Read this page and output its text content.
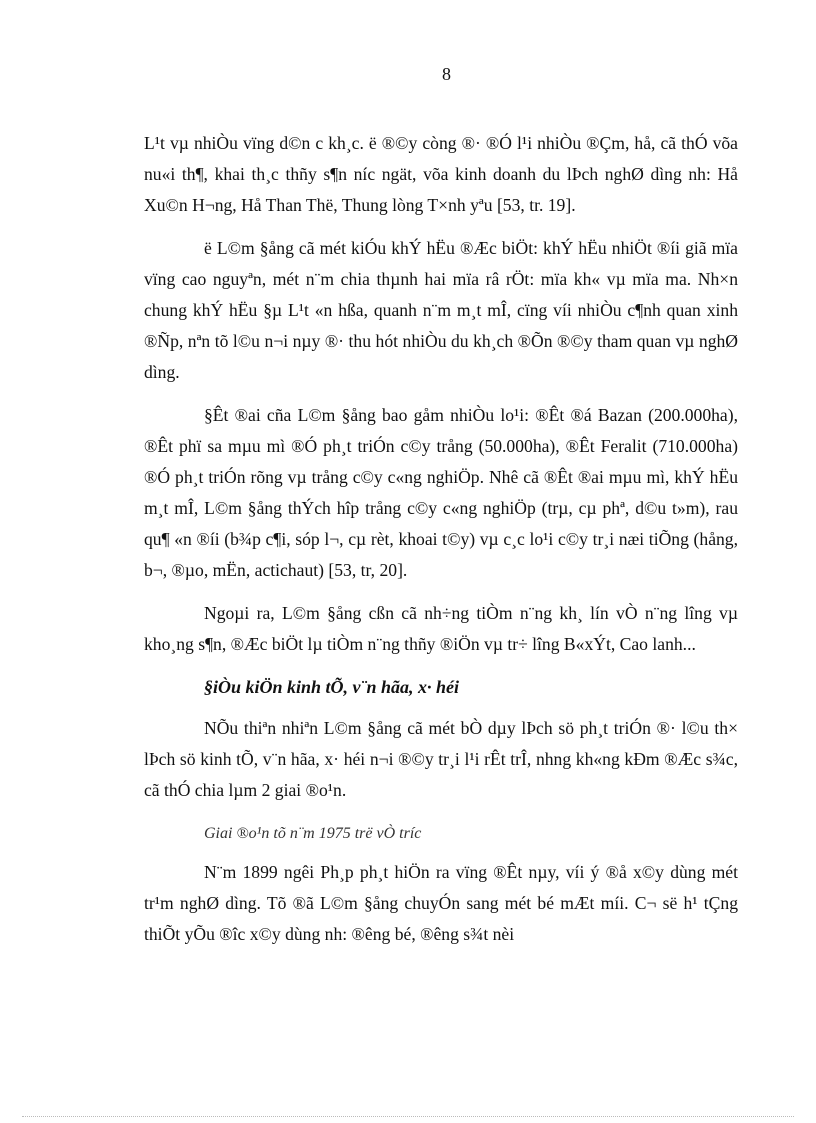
8

L¹t vµ nhiÒu vïng d©n c kh¸c. ë ®©y còng ®· ®Ó l¹i nhiÒu ®Çm, hå, cã thÓ võa nu«i th¶, khai th¸c thñy s¶n níc ngät, võa kinh doanh du lÞch nghØ dìng nh: Hå Xu©n H¬ng, Hå Than Thë, Thung lòng T×nh yªu [53, tr. 19].

ë L©m §ång cã mét kiÓu khÝ hËu ®Æc biÖt: khÝ hËu nhiÖt ®íi giã mïa vïng cao nguyªn, mét n¨m chia thµnh hai mïa râ rÖt: mïa kh« vµ mïa ma. Nh×n chung khÝ hËu §µ L¹t «n hßa, quanh n¨m m¸t mÎ, cïng víi nhiÒu c¶nh quan xinh ®Ñp, nªn tõ l©u n¬i nµy ®· thu hót nhiÒu du kh¸ch ®Õn ®©y tham quan vµ nghØ dìng.

§Êt ®ai cña L©m §ång bao gåm nhiÒu lo¹i: ®Êt ®á Bazan (200.000ha), ®Êt phï sa mµu mì ®Ó ph¸t triÓn c©y trång (50.000ha), ®Êt Feralit (710.000ha) ®Ó ph¸t triÓn rõng vµ trång c©y c«ng nghiÖp. Nhê cã ®Êt ®ai mµu mì, khÝ hËu m¸t mÎ, L©m §ång thÝch hîp trång c©y c«ng nghiÖp (trµ, cµ phª, d©u t»m), rau qu¶ «n ®íi (b¾p c¶i, sóp l¬, cµ rèt, khoai t©y) vµ c¸c lo¹i c©y tr¸i næi tiÕng (hång, b¬, ®µo, mËn, actichaut) [53, tr, 20].

Ngoµi ra, L©m §ång cßn cã nh÷ng tiÒm n¨ng kh¸ lín vÒ n¨ng lîng vµ kho¸ng s¶n, ®Æc biÖt lµ tiÒm n¨ng thñy ®iÖn vµ tr÷ lîng B«xÝt, Cao lanh...

§iÒu kiÖn kinh tÕ, v¨n hãa, x· héi

NÕu thiªn nhiªn L©m §ång cã mét bÒ dµy lÞch sö ph¸t triÓn ®· l©u th× lÞch sö kinh tÕ, v¨n hãa, x· héi n¬i ®©y tr¸i l¹i rÊt trÎ, nhng kh«ng kÐm ®Æc s¾c, cã thÓ chia lµm 2 giai ®o¹n.

Giai ®o¹n tõ n¨m 1975 trë vÒ tríc

N¨m 1899 ngêi Ph¸p ph¸t hiÖn ra vïng ®Êt nµy, víi ý ®å x©y dùng mét tr¹m nghØ dìng. Tõ ®ã L©m §ång chuyÓn sang mét bé mÆt míi. C¬ së h¹ tÇng thiÕt yÕu ®îc x©y dùng nh: ®êng bé, ®êng s¾t nèi
